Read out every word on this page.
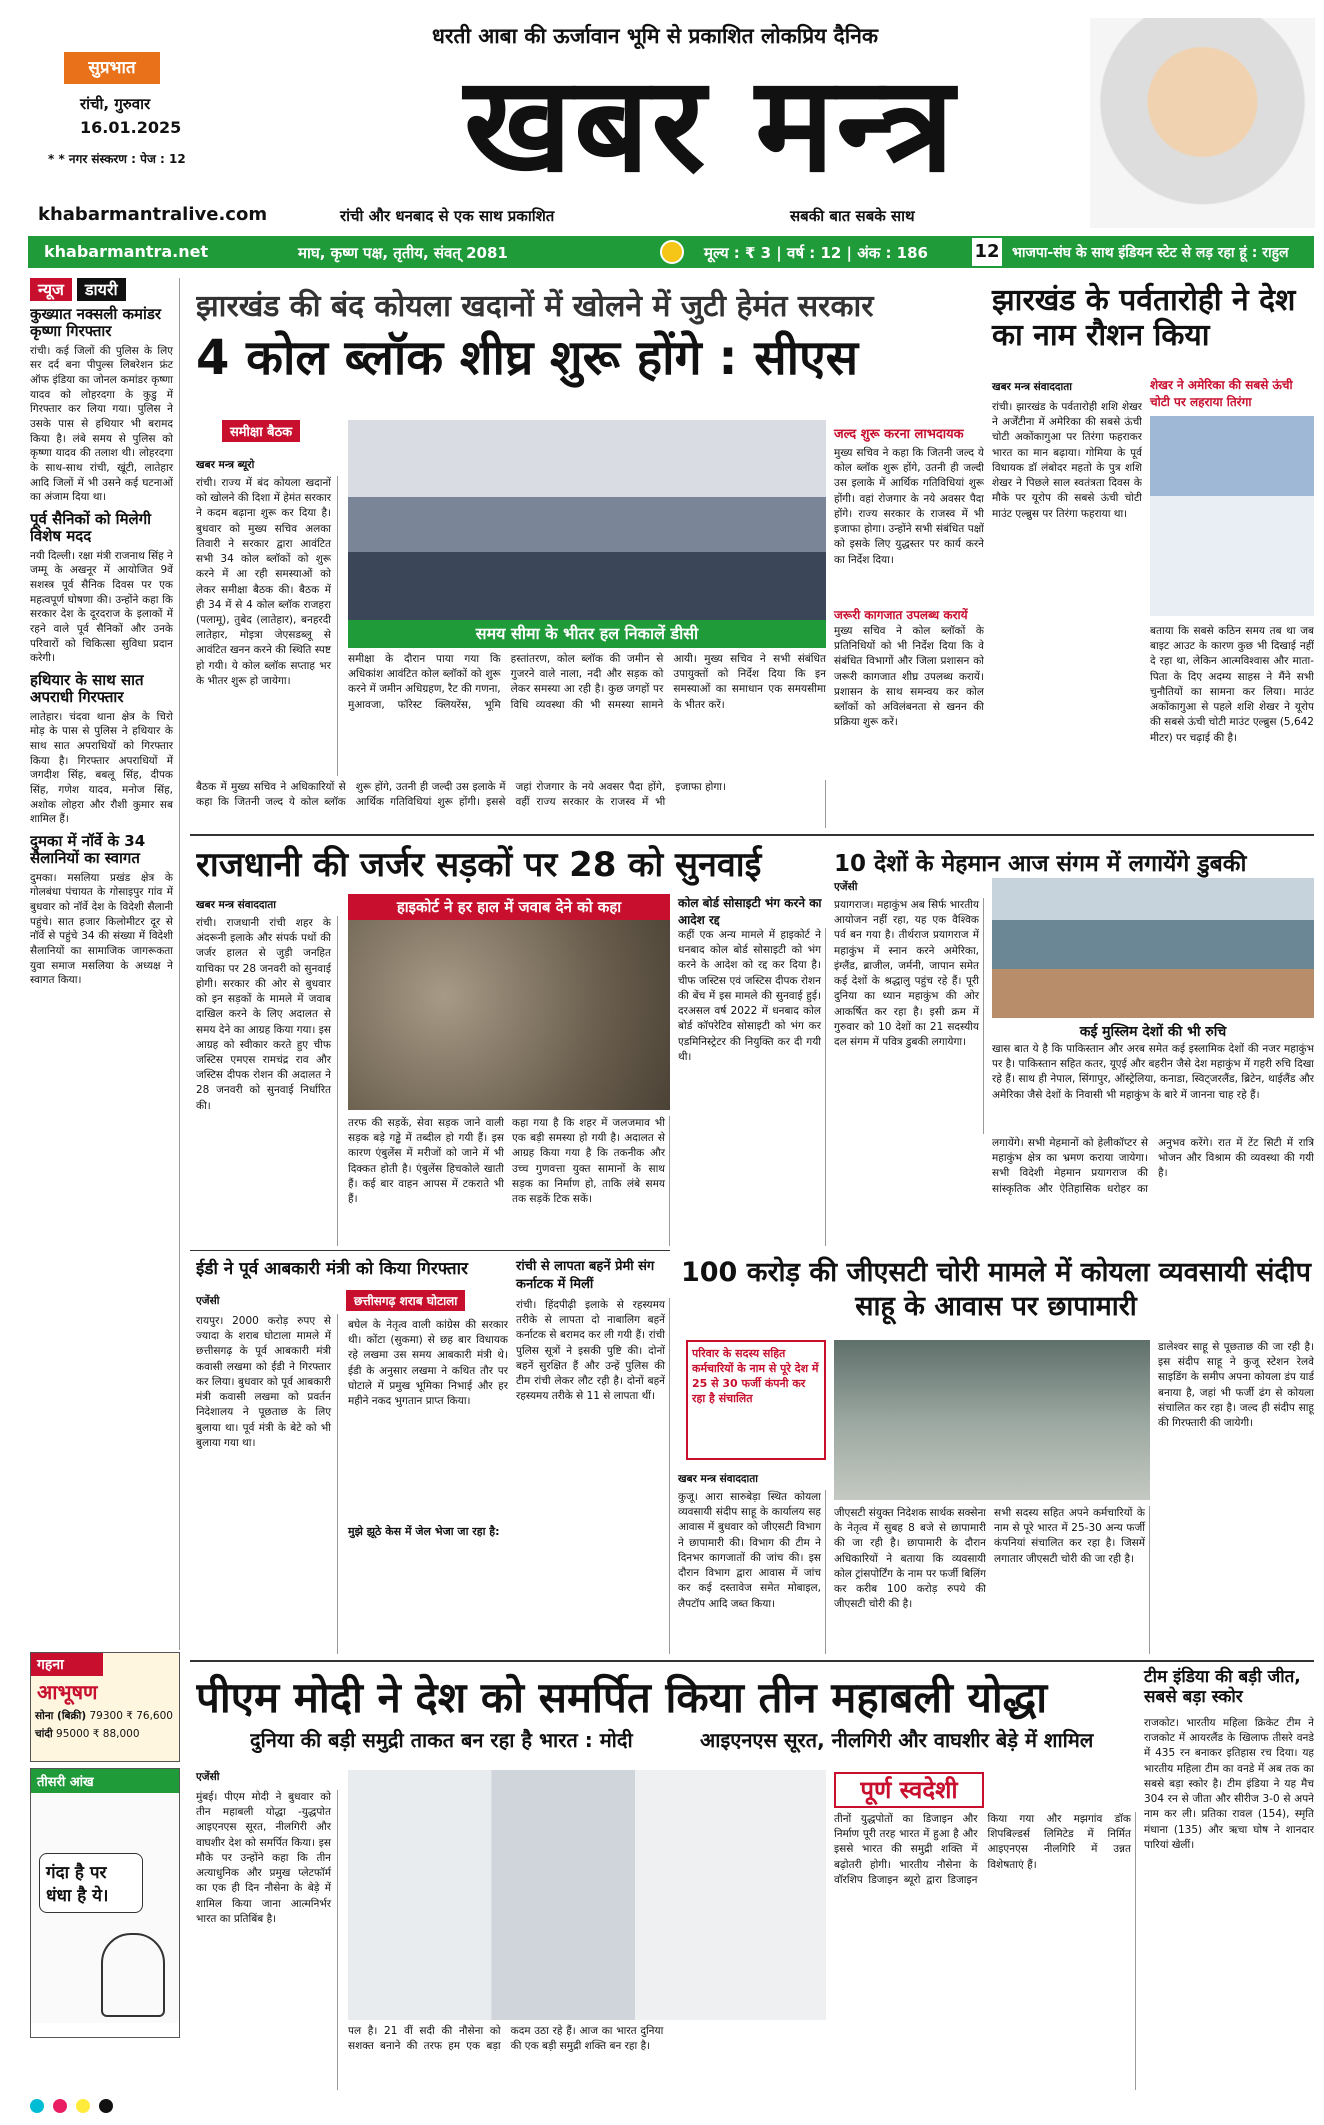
धरती आबा की ऊर्जावान भूमि से प्रकाशित लोकप्रिय दैनिक
खबर मन्त्र
सुप्रभात
रांची, गुरुवार
16.01.2025
* * नगर संस्करण : पेज : 12
khabarmantralive.com	रांची और धनबाद से एक साथ प्रकाशित	सबकी बात सबके साथ
khabarmantra.net	माघ, कृष्ण पक्ष, तृतीय, संवत् 2081	मूल्य : ₹ 3 | वर्ष : 12 | अंक : 186	12 भाजपा-संघ के साथ इंडियन स्टेट से लड़ रहा हूं : राहुल
न्यूज डायरी
कुख्यात नक्सली कमांडर कृष्णा गिरफ्तार

रांची। कई जिलों की पुलिस के लिए सर दर्द बना पीपुल्स लिबरेशन फ्रंट ऑफ इंडिया का जोनल कमांडर कृष्णा यादव को लोहरदगा के कुडु में गिरफ्तार कर लिया गया। पुलिस ने उसके पास से हथियार भी बरामद किया है। लंबे समय से पुलिस को कृष्णा यादव की तलाश थी। लोहरदगा के साथ-साथ रांची, खूंटी, लातेहार आदि जिलों में भी उसने कई घटनाओं का अंजाम दिया था।

पूर्व सैनिकों को मिलेगी विशेष मदद

नयी दिल्ली। रक्षा मंत्री राजनाथ सिंह ने जम्मू के अखनूर में आयोजित 9वें सशस्त्र पूर्व सैनिक दिवस पर एक महत्वपूर्ण घोषणा की। उन्होंने कहा कि सरकार देश के दूरदराज के इलाकों में रहने वाले पूर्व सैनिकों और उनके परिवारों को चिकित्सा सुविधा प्रदान करेगी।

हथियार के साथ सात अपराधी गिरफ्तार

लातेहार। चंदवा थाना क्षेत्र के चिरो मोड़ के पास से पुलिस ने हथियार के साथ सात अपराधियों को गिरफ्तार किया है। गिरफ्तार अपराधियों में जगदीश सिंह, बबलू सिंह, दीपक सिंह, गणेश यादव, मनोज सिंह, अशोक लोहरा और रौशी कुमार सब शामिल हैं।

दुमका में नॉर्वे के 34 सैलानियों का स्वागत

दुमका। मसलिया प्रखंड क्षेत्र के गोलबंधा पंचायत के गोसाइपुर गांव में बुधवार को नॉर्वे देश के विदेशी सैलानी पहुंचे। सात हजार किलोमीटर दूर से नॉर्वे से पहुंचे 34 की संख्या में विदेशी सैलानियों का सामाजिक जागरूकता युवा समाज मसलिया के अध्यक्ष ने स्वागत किया।

गहना
आभूषण
सोना (बिक्री) 79300 ₹ 76,600
चांदी 95000 ₹ 88,000
तीसरी आंख
गंदा है पर धंधा है ये।
झारखंड की बंद कोयला खदानों में खोलने में जुटी हेमंत सरकार
4 कोल ब्लॉक शीघ्र शुरू होंगे : सीएस
समीक्षा बैठक
खबर मन्त्र ब्यूरो
रांची। राज्य में बंद कोयला खदानों को खोलने की दिशा में हेमंत सरकार ने कदम बढ़ाना शुरू कर दिया है। बुधवार को मुख्य सचिव अलका तिवारी ने सरकार द्वारा आवंटित सभी 34 कोल ब्लॉकों को शुरू करने में आ रही समस्याओं को लेकर समीक्षा बैठक की। बैठक में ही 34 में से 4 कोल ब्लॉक राजहरा (पलामू), तुबेद (लातेहार), बनहरदी लातेहार, मोइत्रा जेएसडब्लू से आवंटित खनन करने की स्थिति स्पष्ट हो गयी। ये कोल ब्लॉक सप्ताह भर के भीतर शुरू हो जायेगा।
समय सीमा के भीतर हल निकालें डीसी
समीक्षा के दौरान पाया गया कि अधिकांश आवंटित कोल ब्लॉकों को शुरू करने में जमीन अधिग्रहण, रैट की गणना, मुआवजा, फॉरेस्ट क्लियरेंस, भूमि हस्तांतरण, कोल ब्लॉक की जमीन से गुजरने वाले नाला, नदी और सड़क को लेकर समस्या आ रही है। कुछ जगहों पर विधि व्यवस्था की भी समस्या सामने आयी। मुख्य सचिव ने सभी संबंधित उपायुक्तों को निर्देश दिया कि इन समस्याओं का समाधान एक समयसीमा के भीतर करें।
बैठक में मुख्य सचिव ने अधिकारियों से कहा कि जितनी जल्द ये कोल ब्लॉक शुरू होंगे, उतनी ही जल्दी उस इलाके में आर्थिक गतिविधियां शुरू होंगी। इससे जहां रोजगार के नये अवसर पैदा होंगे, वहीं राज्य सरकार के राजस्व में भी इजाफा होगा।
जल्द शुरू करना लाभदायक
मुख्य सचिव ने कहा कि जितनी जल्द ये कोल ब्लॉक शुरू होंगे, उतनी ही जल्दी उस इलाके में आर्थिक गतिविधियां शुरू होंगी। वहां रोजगार के नये अवसर पैदा होंगे। राज्य सरकार के राजस्व में भी इजाफा होगा। उन्होंने सभी संबंधित पक्षों को इसके लिए युद्धस्तर पर कार्य करने का निर्देश दिया।
जरूरी कागजात उपलब्ध करायें
मुख्य सचिव ने कोल ब्लॉकों के प्रतिनिधियों को भी निर्देश दिया कि वे संबंधित विभागों और जिला प्रशासन को जरूरी कागजात शीघ्र उपलब्ध करायें। प्रशासन के साथ समन्वय कर कोल ब्लॉकों को अविलंबनता से खनन की प्रक्रिया शुरू करें।
झारखंड के पर्वतारोही ने देश का नाम रौशन किया
खबर मन्त्र संवाददाता
रांची। झारखंड के पर्वतारोही शशि शेखर ने अर्जेंटीना में अमेरिका की सबसे ऊंची चोटी अकोंकागुआ पर तिरंगा फहराकर भारत का मान बढ़ाया। गोमिया के पूर्व विधायक डॉ लंबोदर महतो के पुत्र शशि शेखर ने पिछले साल स्वतंत्रता दिवस के मौके पर यूरोप की सबसे ऊंची चोटी माउंट एल्ब्रुस पर तिरंगा फहराया था।
शेखर ने अमेरिका की सबसे ऊंची चोटी पर लहराया तिरंगा
बताया कि सबसे कठिन समय तब था जब बाइट आउट के कारण कुछ भी दिखाई नहीं दे रहा था, लेकिन आत्मविश्वास और माता-पिता के दिए अदम्य साहस ने मैंने सभी चुनौतियों का सामना कर लिया। माउंट अकोंकागुआ से पहले शशि शेखर ने यूरोप की सबसे ऊंची चोटी माउंट एल्ब्रुस (5,642 मीटर) पर चढ़ाई की है।
राजधानी की जर्जर सड़कों पर 28 को सुनवाई
खबर मन्त्र संवाददाता
रांची। राजधानी रांची शहर के अंदरूनी इलाके और संपर्क पथों की जर्जर हालत से जुड़ी जनहित याचिका पर 28 जनवरी को सुनवाई होगी। सरकार की ओर से बुधवार को इन सड़कों के मामले में जवाब दाखिल करने के लिए अदालत से समय देने का आग्रह किया गया। इस आग्रह को स्वीकार करते हुए चीफ जस्टिस एमएस रामचंद्र राव और जस्टिस दीपक रोशन की अदालत ने 28 जनवरी को सुनवाई निर्धारित की।
हाइकोर्ट ने हर हाल में जवाब देने को कहा
तरफ की सड़कें, सेवा सड़क जाने वाली सड़क बड़े गड्ढे में तब्दील हो गयी हैं। इस कारण एंबुलेंस में मरीजों को जाने में भी दिक्कत होती है। एंबुलेंस हिचकोले खाती हैं। कई बार वाहन आपस में टकराते भी हैं।
कहा गया है कि शहर में जलजमाव भी एक बड़ी समस्या हो गयी है। अदालत से आग्रह किया गया है कि तकनीक और उच्च गुणवत्ता युक्त सामानों के साथ सड़क का निर्माण हो, ताकि लंबे समय तक सड़कें टिक सकें।
कोल बोर्ड सोसाइटी भंग करने का आदेश रद्द
कहीं एक अन्य मामले में हाइकोर्ट ने धनबाद कोल बोर्ड सोसाइटी को भंग करने के आदेश को रद्द कर दिया है। चीफ जस्टिस एवं जस्टिस दीपक रोशन की बेंच में इस मामले की सुनवाई हुई। दरअसल वर्ष 2022 में धनबाद कोल बोर्ड कॉपरेटिव सोसाइटी को भंग कर एडमिनिस्ट्रेटर की नियुक्ति कर दी गयी थी।
10 देशों के मेहमान आज संगम में लगायेंगे डुबकी
एजेंसी
प्रयागराज। महाकुंभ अब सिर्फ भारतीय आयोजन नहीं रहा, यह एक वैश्विक पर्व बन गया है। तीर्थराज प्रयागराज में महाकुंभ में स्नान करने अमेरिका, इंग्लैंड, ब्राजील, जर्मनी, जापान समेत कई देशों के श्रद्धालु पहुंच रहे हैं। पूरी दुनिया का ध्यान महाकुंभ की ओर आकर्षित कर रहा है। इसी क्रम में गुरुवार को 10 देशों का 21 सदस्यीय दल संगम में पवित्र डुबकी लगायेगा।
कई मुस्लिम देशों की भी रुचि
खास बात ये है कि पाकिस्तान और अरब समेत कई इस्लामिक देशों की नजर महाकुंभ पर है। पाकिस्तान सहित कतर, यूएई और बहरीन जैसे देश महाकुंभ में गहरी रुचि दिखा रहे हैं। साथ ही नेपाल, सिंगापुर, ऑस्ट्रेलिया, कनाडा, स्विट्जरलैंड, ब्रिटेन, थाईलैंड और अमेरिका जैसे देशों के निवासी भी महाकुंभ के बारे में जानना चाह रहे हैं।
लगायेंगे। सभी मेहमानों को हेलीकॉप्टर से महाकुंभ क्षेत्र का भ्रमण कराया जायेगा। सभी विदेशी मेहमान प्रयागराज की सांस्कृतिक और ऐतिहासिक धरोहर का अनुभव करेंगे। रात में टेंट सिटी में रात्रि भोजन और विश्राम की व्यवस्था की गयी है।
ईडी ने पूर्व आबकारी मंत्री को किया गिरफ्तार
छत्तीसगढ़ शराब घोटाला
एजेंसी
रायपुर। 2000 करोड़ रुपए से ज्यादा के शराब घोटाला मामले में छत्तीसगढ़ के पूर्व आबकारी मंत्री कवासी लखमा को ईडी ने गिरफ्तार कर लिया। बुधवार को पूर्व आबकारी मंत्री कवासी लखमा को प्रवर्तन निदेशालय ने पूछताछ के लिए बुलाया था। पूर्व मंत्री के बेटे को भी बुलाया गया था।
बघेल के नेतृत्व वाली कांग्रेस की सरकार थी। कोंटा (सुकमा) से छह बार विधायक रहे लखमा उस समय आबकारी मंत्री थे। ईडी के अनुसार लखमा ने कथित तौर पर घोटाले में प्रमुख भूमिका निभाई और हर महीने नकद भुगतान प्राप्त किया।
मुझे झूठे केस में जेल भेजा जा रहा है:
रांची से लापता बहनें प्रेमी संग कर्नाटक में मिलीं
रांची। हिंदपीढ़ी इलाके से रहस्यमय तरीके से लापता दो नाबालिग बहनें कर्नाटक से बरामद कर ली गयी हैं। रांची पुलिस सूत्रों ने इसकी पुष्टि की। दोनों बहनें सुरक्षित हैं और उन्हें पुलिस की टीम रांची लेकर लौट रही है। दोनों बहनें रहस्यमय तरीके से 11 से लापता थीं।
100 करोड़ की जीएसटी चोरी मामले में कोयला व्यवसायी संदीप साहू के आवास पर छापामारी
परिवार के सदस्य सहित कर्मचारियों के नाम से पूरे देश में 25 से 30 फर्जी कंपनी कर रहा है संचालित
खबर मन्त्र संवाददाता
कुजू। आरा सारुबेड़ा स्थित कोयला व्यवसायी संदीप साहू के कार्यालय सह आवास में बुधवार को जीएसटी विभाग ने छापामारी की। विभाग की टीम ने दिनभर कागजातों की जांच की। इस दौरान विभाग द्वारा आवास में जांच कर कई दस्तावेज समेत मोबाइल, लैपटॉप आदि जब्त किया।
जीएसटी संयुक्त निदेशक सार्थक सक्सेना के नेतृत्व में सुबह 8 बजे से छापामारी की जा रही है। छापामारी के दौरान अधिकारियों ने बताया कि व्यवसायी कोल ट्रांसपोर्टिंग के नाम पर फर्जी बिलिंग कर करीब 100 करोड़ रुपये की जीएसटी चोरी की है।
सभी सदस्य सहित अपने कर्मचारियों के नाम से पूरे भारत में 25-30 अन्य फर्जी कंपनियां संचालित कर रहा है। जिसमें लगातार जीएसटी चोरी की जा रही है।
डालेश्वर साहू से पूछताछ की जा रही है। इस संदीप साहू ने कुजू स्टेशन रेलवे साइडिंग के समीप अपना कोयला डंप यार्ड बनाया है, जहां भी फर्जी ढंग से कोयला संचालित कर रहा है। जल्द ही संदीप साहू की गिरफ्तारी की जायेगी।
पीएम मोदी ने देश को समर्पित किया तीन महाबली योद्धा
दुनिया की बड़ी समुद्री ताकत बन रहा है भारत : मोदी	आइएनएस सूरत, नीलगिरी और वाघशीर बेड़े में शामिल
एजेंसी
मुंबई। पीएम मोदी ने बुधवार को तीन महाबली योद्धा -युद्धपोत आइएनएस सूरत, नीलगिरी और वाघशीर देश को समर्पित किया। इस मौके पर उन्होंने कहा कि तीन अत्याधुनिक और प्रमुख प्लेटफॉर्म का एक ही दिन नौसेना के बेड़े में शामिल किया जाना आत्मनिर्भर भारत का प्रतिबिंब है।
पल है। 21 वीं सदी की नौसेना को सशक्त बनाने की तरफ हम एक बड़ा कदम उठा रहे हैं। आज का भारत दुनिया की एक बड़ी समुद्री शक्ति बन रहा है।
पूर्ण स्वदेशी
तीनों युद्धपोतों का डिजाइन और निर्माण पूरी तरह भारत में हुआ है और इससे भारत की समुद्री शक्ति में बढ़ोतरी होगी। भारतीय नौसेना के वॉरशिप डिजाइन ब्यूरो द्वारा डिजाइन किया गया और मझगांव डॉक शिपबिल्डर्स लिमिटेड में निर्मित आइएनएस नीलगिरि में उन्नत विशेषताएं हैं।
टीम इंडिया की बड़ी जीत, सबसे बड़ा स्कोर
राजकोट। भारतीय महिला क्रिकेट टीम ने राजकोट में आयरलैंड के खिलाफ तीसरे वनडे में 435 रन बनाकर इतिहास रच दिया। यह भारतीय महिला टीम का वनडे में अब तक का सबसे बड़ा स्कोर है। टीम इंडिया ने यह मैच 304 रन से जीता और सीरीज 3-0 से अपने नाम कर ली। प्रतिका रावल (154), स्मृति मंधाना (135) और ऋचा घोष ने शानदार पारियां खेलीं।
